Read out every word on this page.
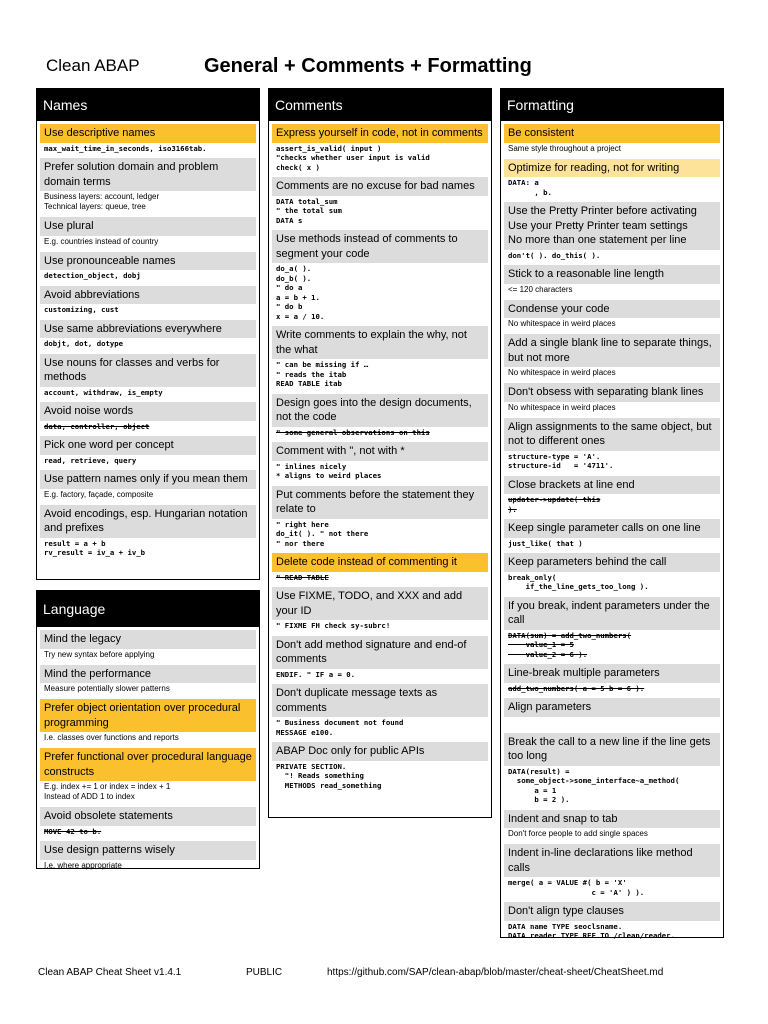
Clean ABAP	General + Comments + Formatting
Names
Use descriptive names
max_wait_time_in_seconds, iso3166tab.
Prefer solution domain and problem domain terms
Business layers: account, ledger
Technical layers: queue, tree
Use plural
E.g. countries instead of country
Use pronounceable names
detection_object, dobj
Avoid abbreviations
customizing, cust
Use same abbreviations everywhere
dobjt, dot, dotype
Use nouns for classes and verbs for methods
account, withdraw, is_empty
Avoid noise words
data, controller, object
Pick one word per concept
read, retrieve, query
Use pattern names only if you mean them
E.g. factory, façade, composite
Avoid encodings, esp. Hungarian notation and prefixes
result = a + b
rv_result = iv_a + iv_b
Language
Mind the legacy
Try new syntax before applying
Mind the performance
Measure potentially slower patterns
Prefer object orientation over procedural programming
I.e. classes over functions and reports
Prefer functional over procedural language constructs
E.g. index += 1 or index = index + 1
Instead of ADD 1 to index
Avoid obsolete statements
MOVE 42 to b.
Use design patterns wisely
I.e. where appropriate
Comments
Express yourself in code, not in comments
assert_is_valid( input )
"checks whether user input is valid
check( x )
Comments are no excuse for bad names
DATA total_sum
" the total sum
DATA s
Use methods instead of comments to segment your code
do_a( ).
do_b( ).
" do a
a = b + 1.
" do b
x = a / 10.
Write comments to explain the why, not the what
" can be missing if …
" reads the itab
READ TABLE itab
Design goes into the design documents, not the code
" some general observations on this
Comment with ", not with *
" inlines nicely
* aligns to weird places
Put comments before the statement they relate to
" right here
do_it( ). " not there
" nor there
Delete code instead of commenting it
" READ TABLE
Use FIXME, TODO, and XXX and add your ID
" FIXME FH check sy-subrc!
Don't add method signature and end-of comments
ENDIF. " IF a = 0.
Don't duplicate message texts as comments
" Business document not found
MESSAGE e100.
ABAP Doc only for public APIs
PRIVATE SECTION.
"! Reads something
METHODS read_something
Formatting
Be consistent
Same style throughout a project
Optimize for reading, not for writing
DATA: a
, b.
Use the Pretty Printer before activating
Use your Pretty Printer team settings
No more than one statement per line
don't( ). do_this( ).
Stick to a reasonable line length
<= 120 characters
Condense your code
No whitespace in weird places
Add a single blank line to separate things, but not more
No whitespace in weird places
Don't obsess with separating blank lines
No whitespace in weird places
Align assignments to the same object, but not to different ones
structure-type = 'A'.
structure-id   = '4711'.
Close brackets at line end
updater->update( this
).
Keep single parameter calls on one line
just_like( that )
Keep parameters behind the call
break_only(
if_the_line_gets_too_long ).
If you break, indent parameters under the call
DATA(sum) = add_two_numbers(
value_1 = 5
value_2 = 6 ).
Line-break multiple parameters
add_two_numbers( a = 5 b = 6 ).
Align parameters

Break the call to a new line if the line gets too long
DATA(result) =
some_object->some_interface~a_method(
a = 1
b = 2 ).
Indent and snap to tab
Don't force people to add single spaces
Indent in-line declarations like method calls
merge( a = VALUE #( b = 'X'
c = 'A' ) ).
Don't align type clauses
DATA name TYPE seoclsname.
DATA reader TYPE REF TO /clean/reader.
Clean ABAP Cheat Sheet v1.4.1	PUBLIC	https://github.com/SAP/clean-abap/blob/master/cheat-sheet/CheatSheet.md
